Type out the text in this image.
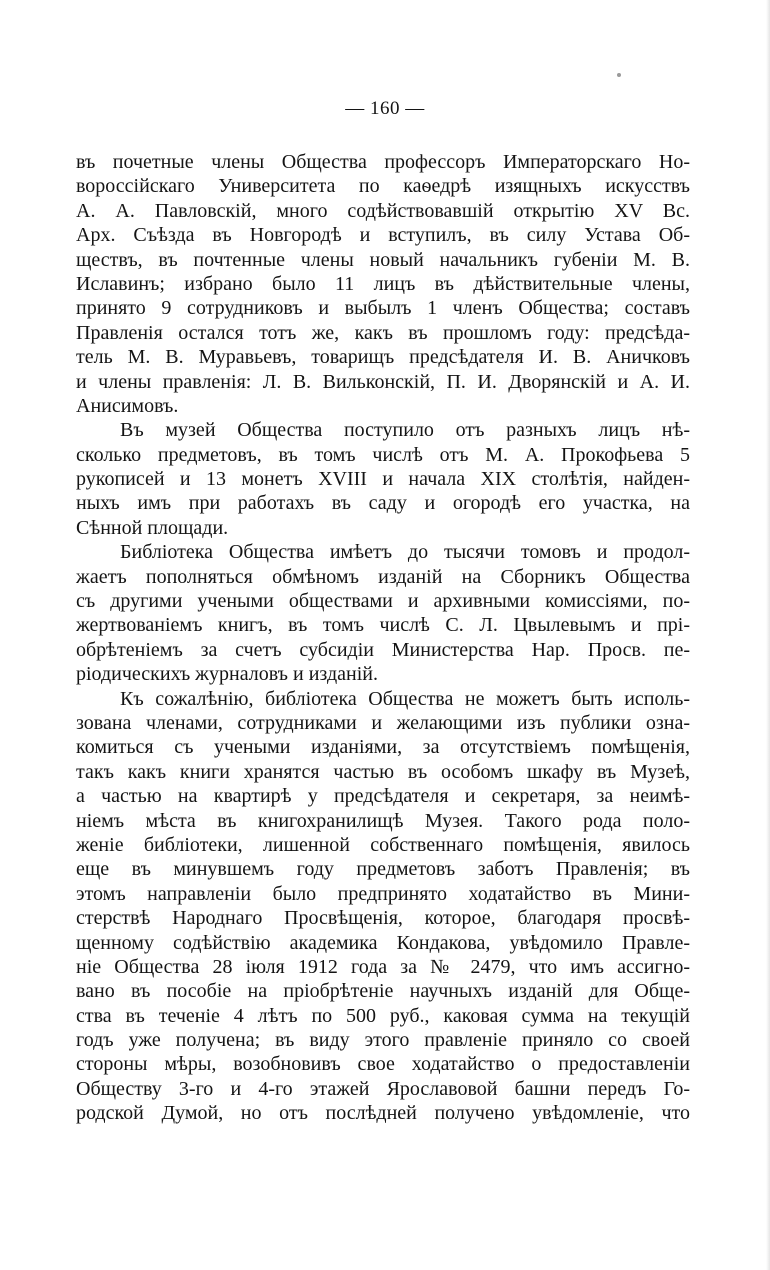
— 160 —
въ почетные члены Общества профессоръ Императорскаго Но-
вороссійскаго Университета по каѳедрѣ изящныхъ искусствъ
А. А. Павловскій, много содѣйствовавшій открытію XV Вс.
Арх. Съѣзда въ Новгородѣ и вступилъ, въ силу Устава Об-
ществъ, въ почтенные члены новый начальникъ губеніи М. В.
Иславинъ; избрано было 11 лицъ въ дѣйствительные члены,
принято 9 сотрудниковъ и выбылъ 1 членъ Общества; составъ
Правленія остался тотъ же, какъ въ прошломъ году: предсѣда-
тель М. В. Муравьевъ, товарищъ предсѣдателя И. В. Аничковъ
и члены правленія: Л. В. Вильконскій, П. И. Дворянскій и А. И.
Анисимовъ.
Въ музей Общества поступило отъ разныхъ лицъ нѣ-
сколько предметовъ, въ томъ числѣ отъ М. А. Прокофьева 5
рукописей и 13 монетъ XVIII и начала XIX столѣтія, найден-
ныхъ имъ при работахъ въ саду и огородѣ его участка, на
Сѣнной площади.
Библіотека Общества имѣетъ до тысячи томовъ и продол-
жаетъ пополняться обмѣномъ изданій на Сборникъ Общества
съ другими учеными обществами и архивными комиссіями, по-
жертвованіемъ книгъ, въ томъ числѣ С. Л. Цвылевымъ и прі-
обрѣтеніемъ за счетъ субсидіи Министерства Нар. Просв. пе-
ріодическихъ журналовъ и изданій.
Къ сожалѣнію, библіотека Общества не можетъ быть исполь-
зована членами, сотрудниками и желающими изъ публики озна-
комиться съ учеными изданіями, за отсутствіемъ помѣщенія,
такъ какъ книги хранятся частью въ особомъ шкафу въ Музеѣ,
а частью на квартирѣ у предсѣдателя и секретаря, за неимѣ-
ніемъ мѣста въ книгохранилищѣ Музея. Такого рода поло-
женіе библіотеки, лишенной собственнаго помѣщенія, явилось
еще въ минувшемъ году предметовъ заботъ Правленія; въ
этомъ направленіи было предпринято ходатайство въ Мини-
стерствѣ Народнаго Просвѣщенія, которое, благодаря просвѣ-
щенному содѣйствію академика Кондакова, увѣдомило Правле-
ніе Общества 28 іюля 1912 года за № 2479, что имъ ассигно-
вано въ пособіе на пріобрѣтеніе научныхъ изданій для Обще-
ства въ теченіе 4 лѣтъ по 500 руб., каковая сумма на текущій
годъ уже получена; въ виду этого правленіе приняло со своей
стороны мѣры, возобновивъ свое ходатайство о предоставленіи
Обществу 3-го и 4-го этажей Ярославовой башни передъ Го-
родской Думой, но отъ послѣдней получено увѣдомленіе, что
